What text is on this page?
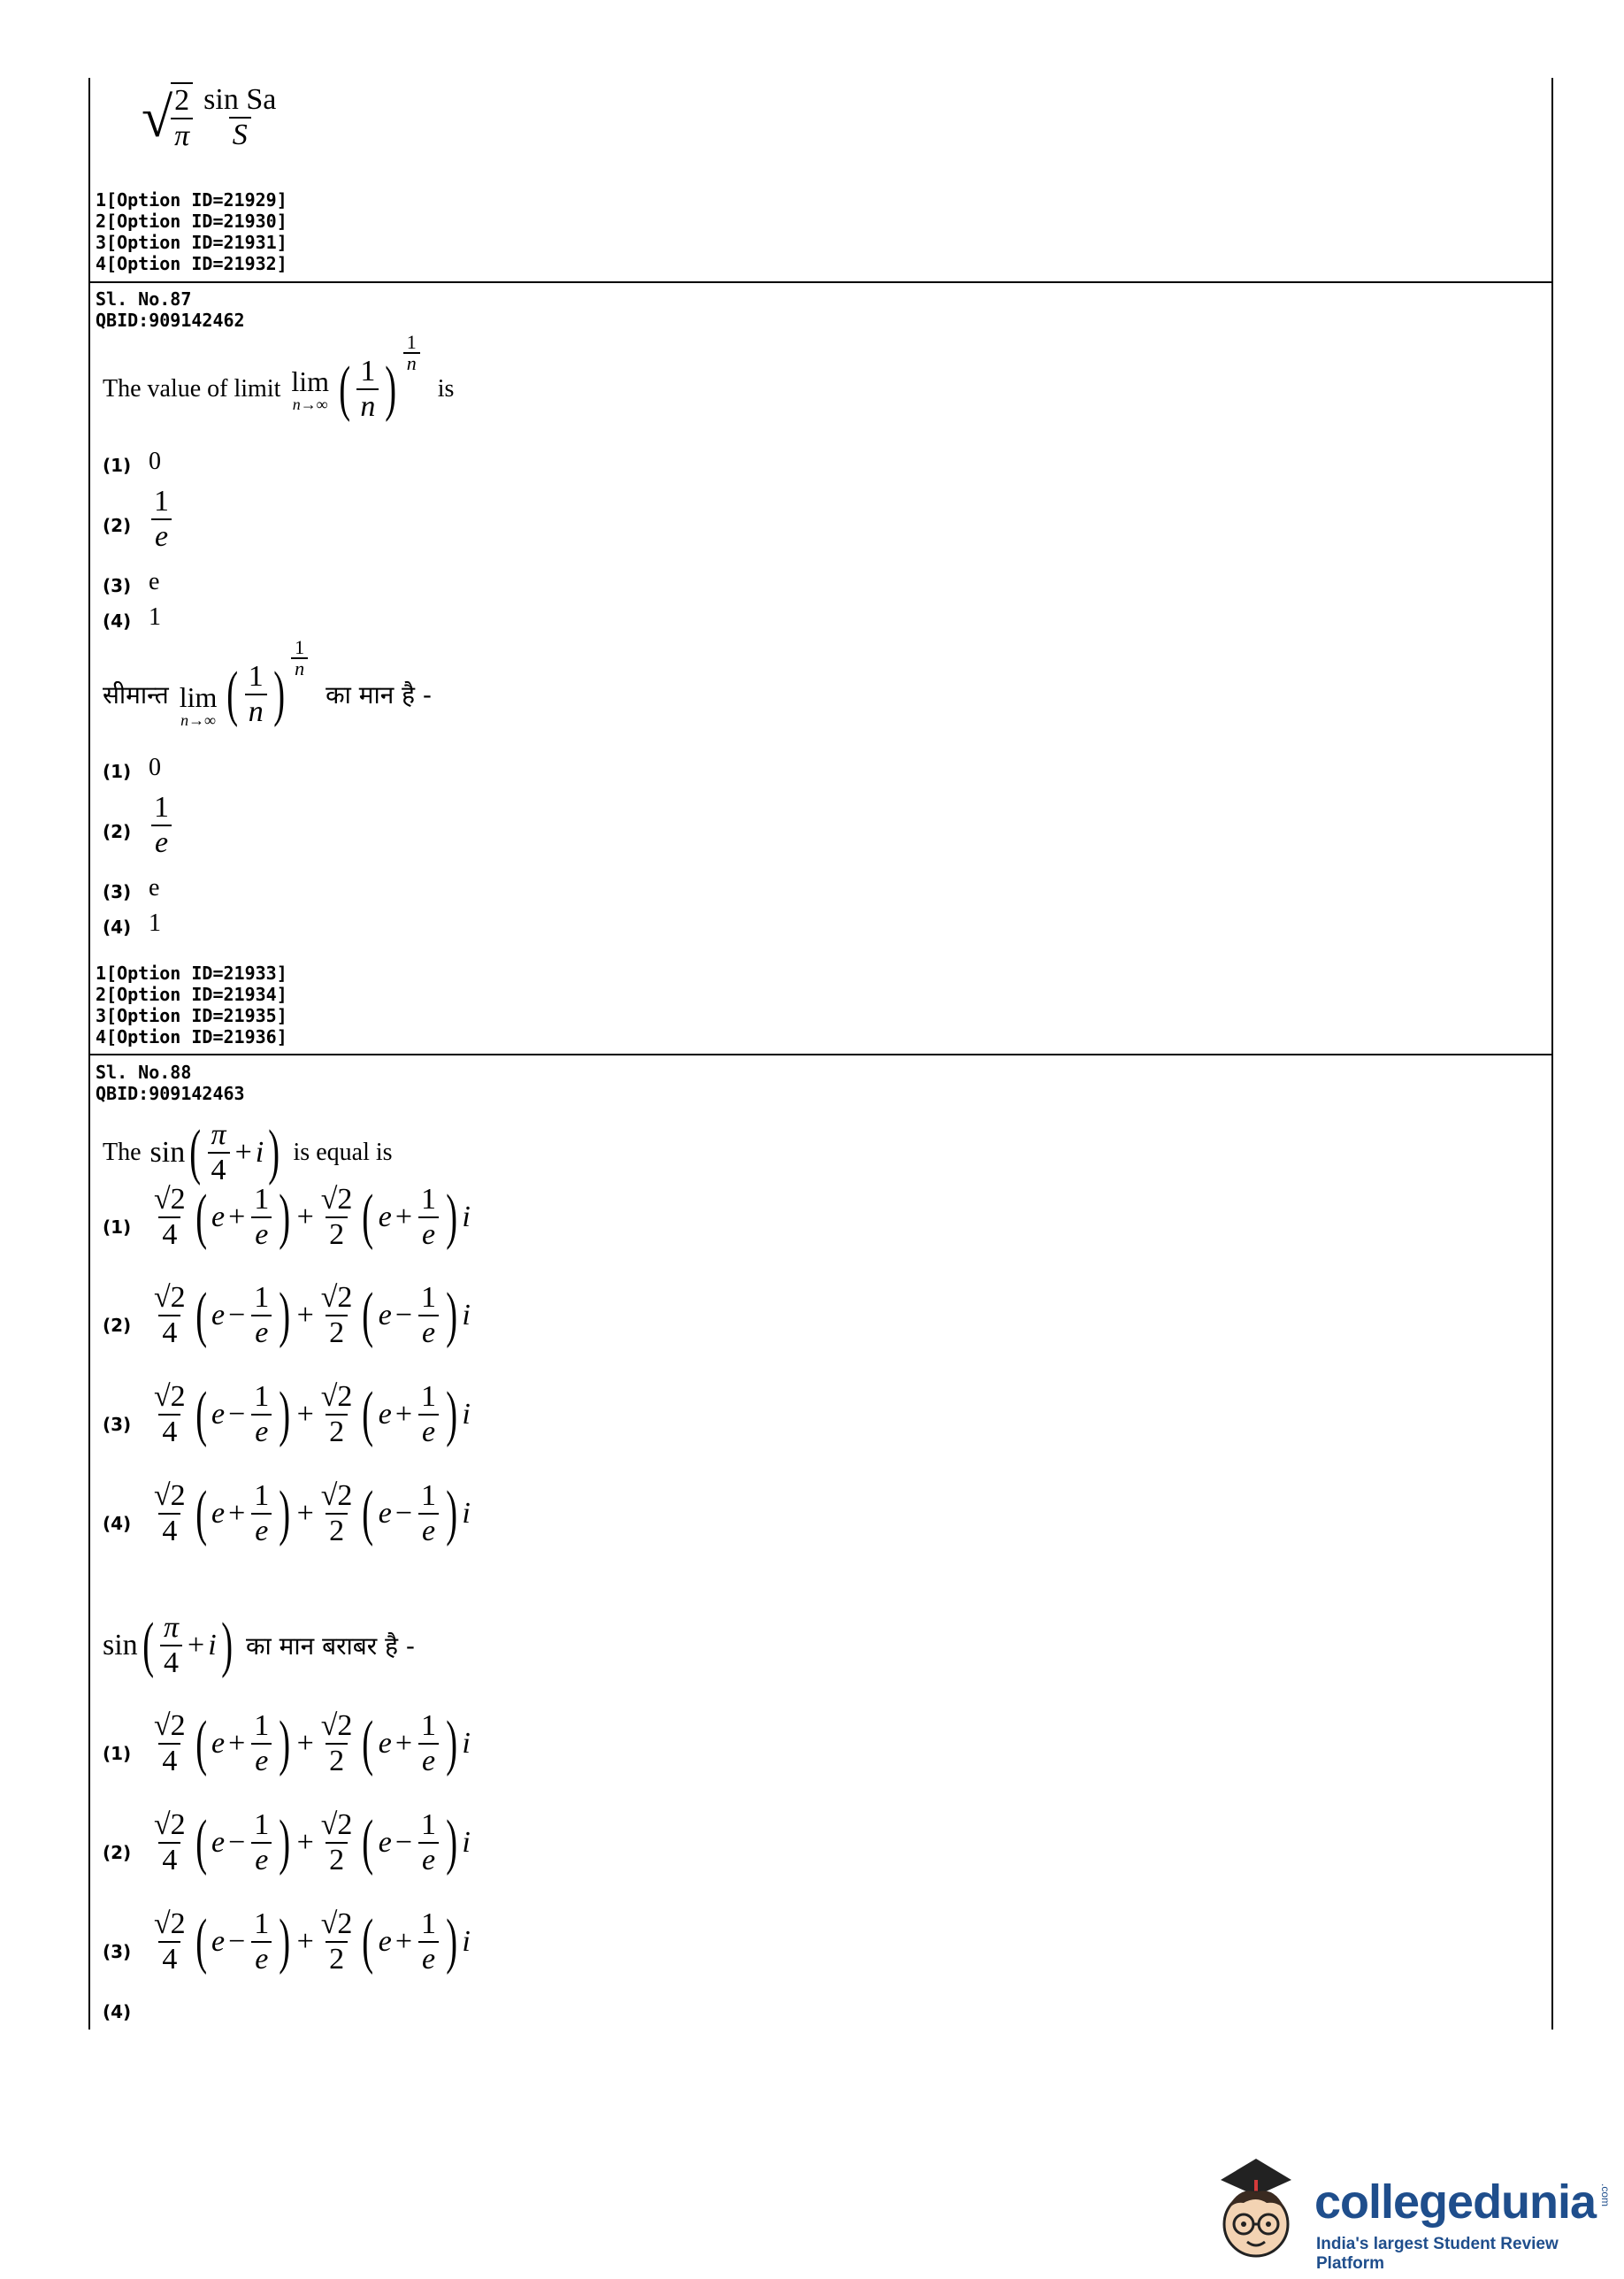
√
$\frac{2}{\pi} \frac{\text{sin Sa}}{S}$
1[Option ID=21929]
2[Option ID=21930]
3[Option ID=21931]
4[Option ID=21932]
Sl. No.87
QBID:909142462
The value of limit lim
n→∞ ( $\frac{1}{n}$ )
$\frac{1}{n}$
is
(1) 0
$(2) \frac{1}{e}$
(3) e
(4) 1
सीमान्त lim
n→∞ ( $\frac{1}{n}$ )
$\frac{1}{n}$
का मान है -
(1) 0
$(2) \frac{1}{e}$
(3) e
(4) 1
1[Option ID=21933]
2[Option ID=21934]
3[Option ID=21935]
4[Option ID=21936]
Sl. No.88
QBID:909142463
The sin ( $\frac{\pi}{4} + i$ ) is equal is
$(1) \frac{√2}{4}$ ( $e + \frac{1}{e}$ ) + $\frac{√2}{2}$ ( $e + \frac{1}{e}$ ) i
$(2) \frac{√2}{4}$ ( $e - \frac{1}{e}$ ) + $\frac{√2}{2}$ ( $e - \frac{1}{e}$ ) i
$(3) \frac{√2}{4}$ ( $e - \frac{1}{e}$ ) + $\frac{√2}{2}$ ( $e + \frac{1}{e}$ ) i
$(4) \frac{√2}{4}$ ( $e + \frac{1}{e}$ ) + $\frac{√2}{2}$ ( $e - \frac{1}{e}$ ) i
sin ( $\frac{\pi}{4} + i$ ) का मान बराबर है -
$(1) \frac{√2}{4}$ ( $e + \frac{1}{e}$ ) + $\frac{√2}{2}$ ( $e + \frac{1}{e}$ ) i
$(2) \frac{√2}{4}$ ( $e - \frac{1}{e}$ ) + $\frac{√2}{2}$ ( $e - \frac{1}{e}$ ) i
$(3) \frac{√2}{4}$ ( $e - \frac{1}{e}$ ) + $\frac{√2}{2}$ ( $e + \frac{1}{e}$ ) i
(4)
collegedunia .com
India's largest Student Review Platform
